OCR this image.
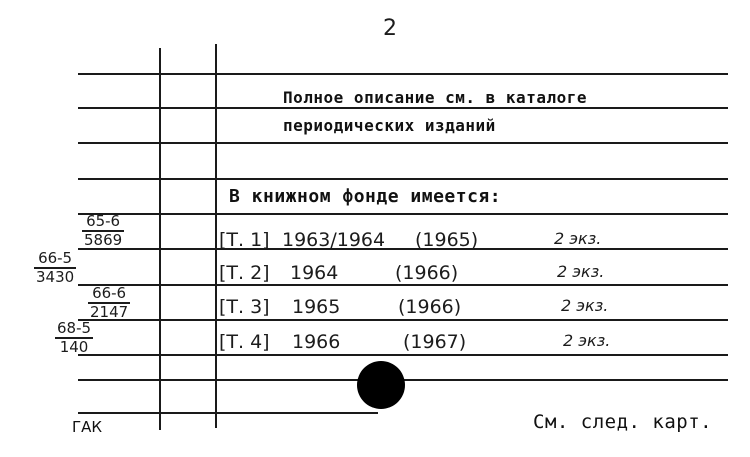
2
Полное описание см. в каталоге
периодических изданий
В книжном фонде имеется:
[Т. 1] 1963/1964 (1965)	2 экз.
[Т. 2] 1964	(1966)	2 экз.
[Т. 3] 1965	(1966)	2 экз.
[Т. 4] 1966	(1967)	2 экз.
$\frac{65-6}{5869}$
$\frac{66-5}{3430}$
$\frac{66-6}{2147}$
$\frac{68-5}{140}$
ГАК	См. след. карт.
